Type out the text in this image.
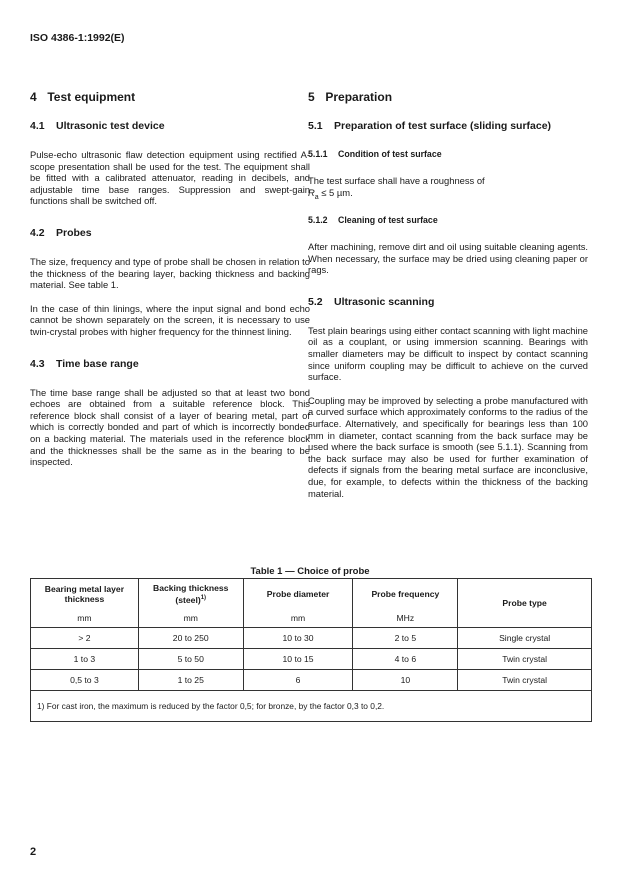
ISO 4386-1:1992(E)
4 Test equipment
4.1 Ultrasonic test device

Pulse-echo ultrasonic flaw detection equipment using rectified A-scope presentation shall be used for the test. The equipment shall be fitted with a calibrated attenuator, reading in decibels, and adjustable time base ranges. Suppression and swept-gain functions shall be switched off.

4.2 Probes

The size, frequency and type of probe shall be chosen in relation to the thickness of the bearing layer, backing thickness and backing material. See table 1.

In the case of thin linings, where the input signal and bond echo cannot be shown separately on the screen, it is necessary to use twin-crystal probes with higher frequency for the thinnest lining.

4.3 Time base range

The time base range shall be adjusted so that at least two bond echoes are obtained from a suitable reference block. This reference block shall consist of a layer of bearing metal, part of which is correctly bonded and part of which is incorrectly bonded on a backing material. The materials used in the reference block and the thicknesses shall be the same as in the bearing to be inspected.

5 Preparation
5.1 Preparation of test surface (sliding surface)
5.1.1 Condition of test surface

The test surface shall have a roughness of
$R_a \le 5$ µm.

5.1.2 Cleaning of test surface

After machining, remove dirt and oil using suitable cleaning agents. When necessary, the surface may be dried using cleaning paper or rags.

5.2 Ultrasonic scanning

Test plain bearings using either contact scanning with light machine oil as a couplant, or using immersion scanning. Bearings with smaller diameters may be difficult to inspect by contact scanning since uniform coupling may be difficult to achieve on the curved surface.

Coupling may be improved by selecting a probe manufactured with a curved surface which approximately conforms to the radius of the surface. Alternatively, and specifically for bearings less than 100 mm in diameter, contact scanning from the back surface may be used where the back surface is smooth (see 5.1.1). Scanning from the back surface may also be used for further examination of defects if signals from the bearing metal surface are inconclusive, due, for example, to defects within the thickness of the backing material.

Table 1 — Choice of probe
Bearing metal layer thickness	Backing thickness (steel)$^{1)}$	Probe diameter	Probe frequency	Probe type
mm	mm	mm	MHz	
> 2	20 to 250	10 to 30	2 to 5	Single crystal
1 to 3	5 to 50	10 to 15	4 to 6	Twin crystal
0,5 to 3	1 to 25	6	10	Twin crystal
1) For cast iron, the maximum is reduced by the factor 0,5; for bronze, by the factor 0,3 to 0,2.				
2
